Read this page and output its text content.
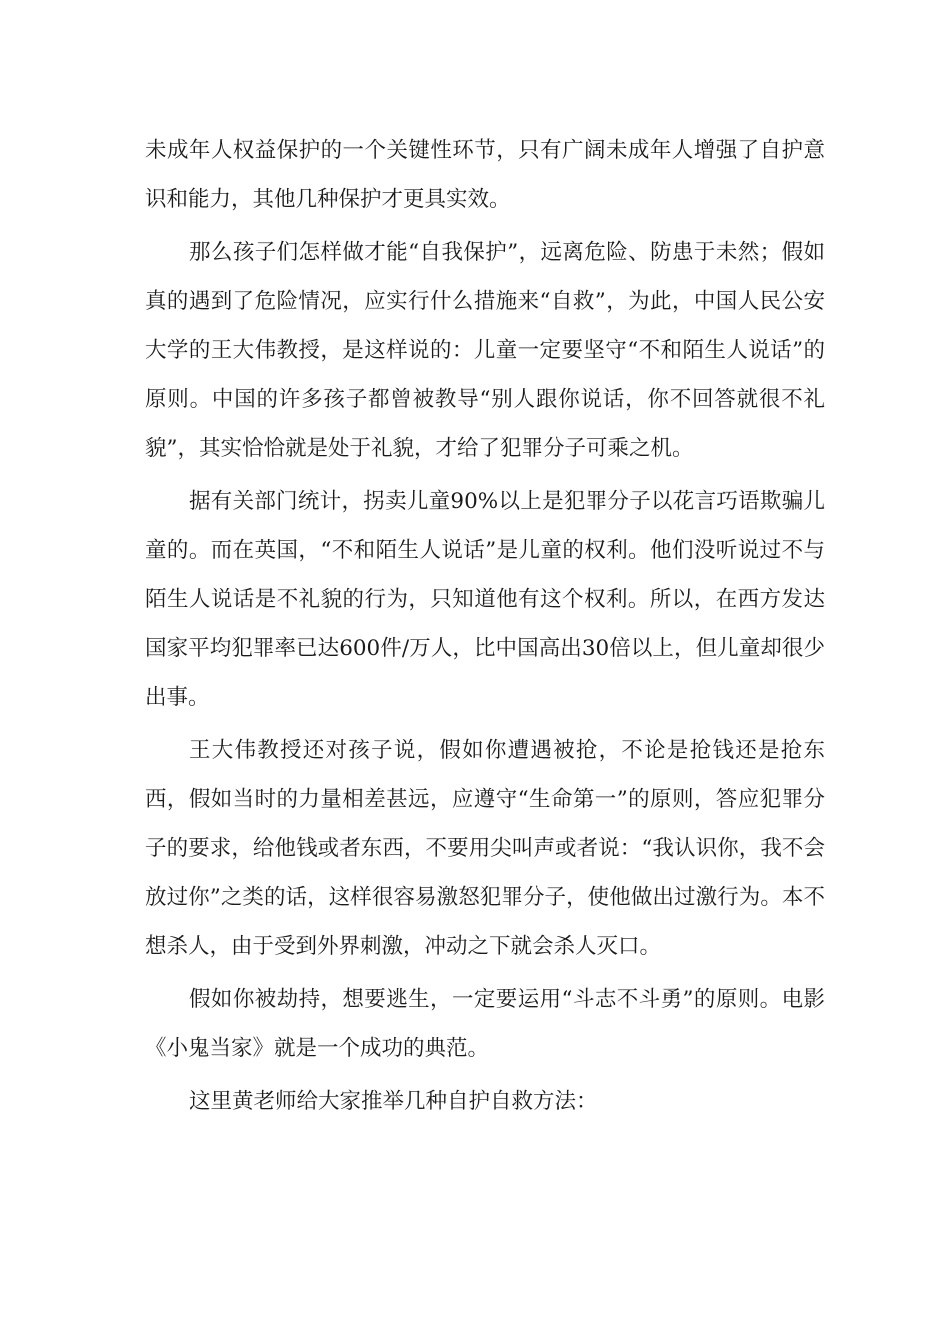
未成年人权益保护的一个关键性环节，只有广阔未成年人增强了自护意识和能力，其他几种保护才更具实效。

那么孩子们怎样做才能“自我保护”，远离危险、防患于未然；假如真的遇到了危险情况，应实行什么措施来“自救”，为此，中国人民公安大学的王大伟教授，是这样说的：儿童一定要坚守“不和陌生人说话”的原则。中国的许多孩子都曾被教导“别人跟你说话，你不回答就很不礼貌”，其实恰恰就是处于礼貌，才给了犯罪分子可乘之机。

据有关部门统计，拐卖儿童90%以上是犯罪分子以花言巧语欺骗儿童的。而在英国，“不和陌生人说话”是儿童的权利。他们没听说过不与陌生人说话是不礼貌的行为，只知道他有这个权利。所以，在西方发达国家平均犯罪率已达600件/万人，比中国高出30倍以上，但儿童却很少出事。

王大伟教授还对孩子说，假如你遭遇被抢，不论是抢钱还是抢东西，假如当时的力量相差甚远，应遵守“生命第一”的原则，答应犯罪分子的要求，给他钱或者东西，不要用尖叫声或者说：“我认识你，我不会放过你”之类的话，这样很容易激怒犯罪分子，使他做出过激行为。本不想杀人，由于受到外界刺激，冲动之下就会杀人灭口。

假如你被劫持，想要逃生，一定要运用“斗志不斗勇”的原则。电影《小鬼当家》就是一个成功的典范。

这里黄老师给大家推举几种自护自救方法：
